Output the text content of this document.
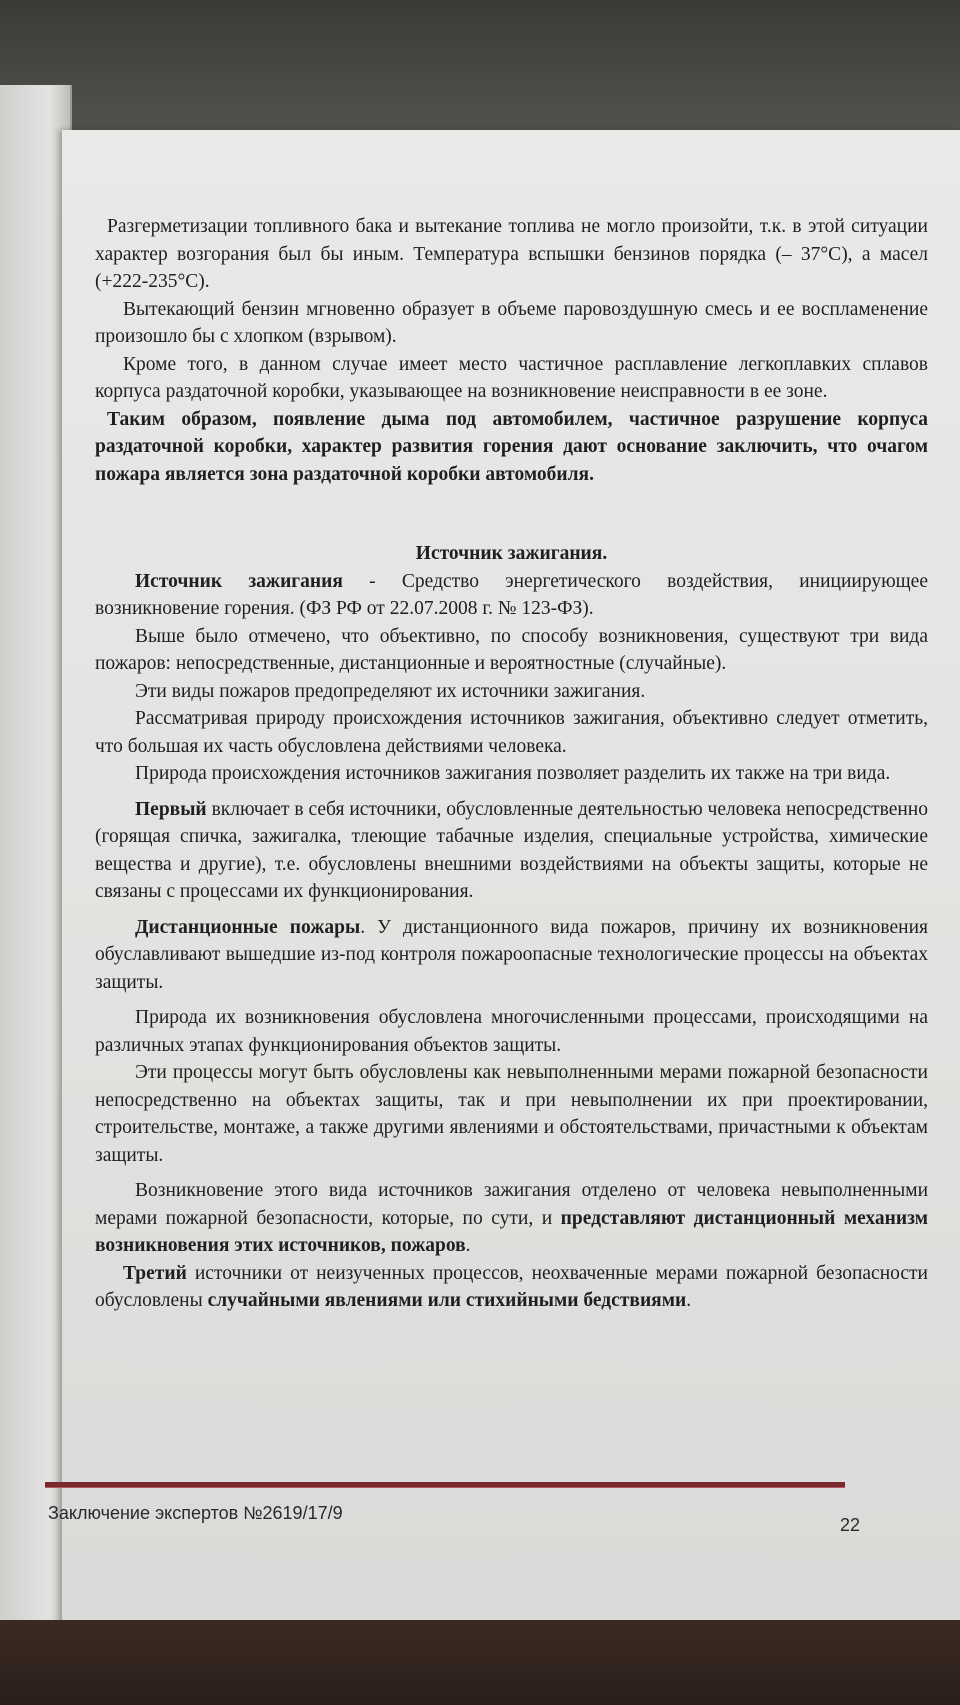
Разгерметизации топливного бака и вытекание топлива не могло произойти, т.к. в этой ситуации характер возгорания был бы иным. Температура вспышки бензинов порядка (– 37°C), а масел (+222-235°C).

Вытекающий бензин мгновенно образует в объеме паровоздушную смесь и ее воспламенение произошло бы с хлопком (взрывом).

Кроме того, в данном случае имеет место частичное расплавление легкоплавких сплавов корпуса раздаточной коробки, указывающее на возникновение неисправности в ее зоне.

Таким образом, появление дыма под автомобилем, частичное разрушение корпуса раздаточной коробки, характер развития горения дают основание заключить, что очагом пожара является зона раздаточной коробки автомобиля.

Источник зажигания.

Источник зажигания - Средство энергетического воздействия, инициирующее возникновение горения. (ФЗ РФ от 22.07.2008 г. № 123-ФЗ).

Выше было отмечено, что объективно, по способу возникновения, существуют три вида пожаров: непосредственные, дистанционные и вероятностные (случайные).

Эти виды пожаров предопределяют их источники зажигания.

Рассматривая природу происхождения источников зажигания, объективно следует отметить, что большая их часть обусловлена действиями человека.

Природа происхождения источников зажигания позволяет разделить их также на три вида.

Первый включает в себя источники, обусловленные деятельностью человека непосредственно (горящая спичка, зажигалка, тлеющие табачные изделия, специальные устройства, химические вещества и другие), т.е. обусловлены внешними воздействиями на объекты защиты, которые не связаны с процессами их функционирования.

Дистанционные пожары. У дистанционного вида пожаров, причину их возникновения обуславливают вышедшие из-под контроля пожароопасные технологические процессы на объектах защиты.

Природа их возникновения обусловлена многочисленными процессами, происходящими на различных этапах функционирования объектов защиты.

Эти процессы могут быть обусловлены как невыполненными мерами пожарной безопасности непосредственно на объектах защиты, так и при невыполнении их при проектировании, строительстве, монтаже, а также другими явлениями и обстоятельствами, причастными к объектам защиты.

Возникновение этого вида источников зажигания отделено от человека невыполненными мерами пожарной безопасности, которые, по сути, и представляют дистанционный механизм возникновения этих источников, пожаров.

Третий источники от неизученных процессов, неохваченные мерами пожарной безопасности обусловлены случайными явлениями или стихийными бедствиями.

Заключение экспертов №2619/17/9
22
